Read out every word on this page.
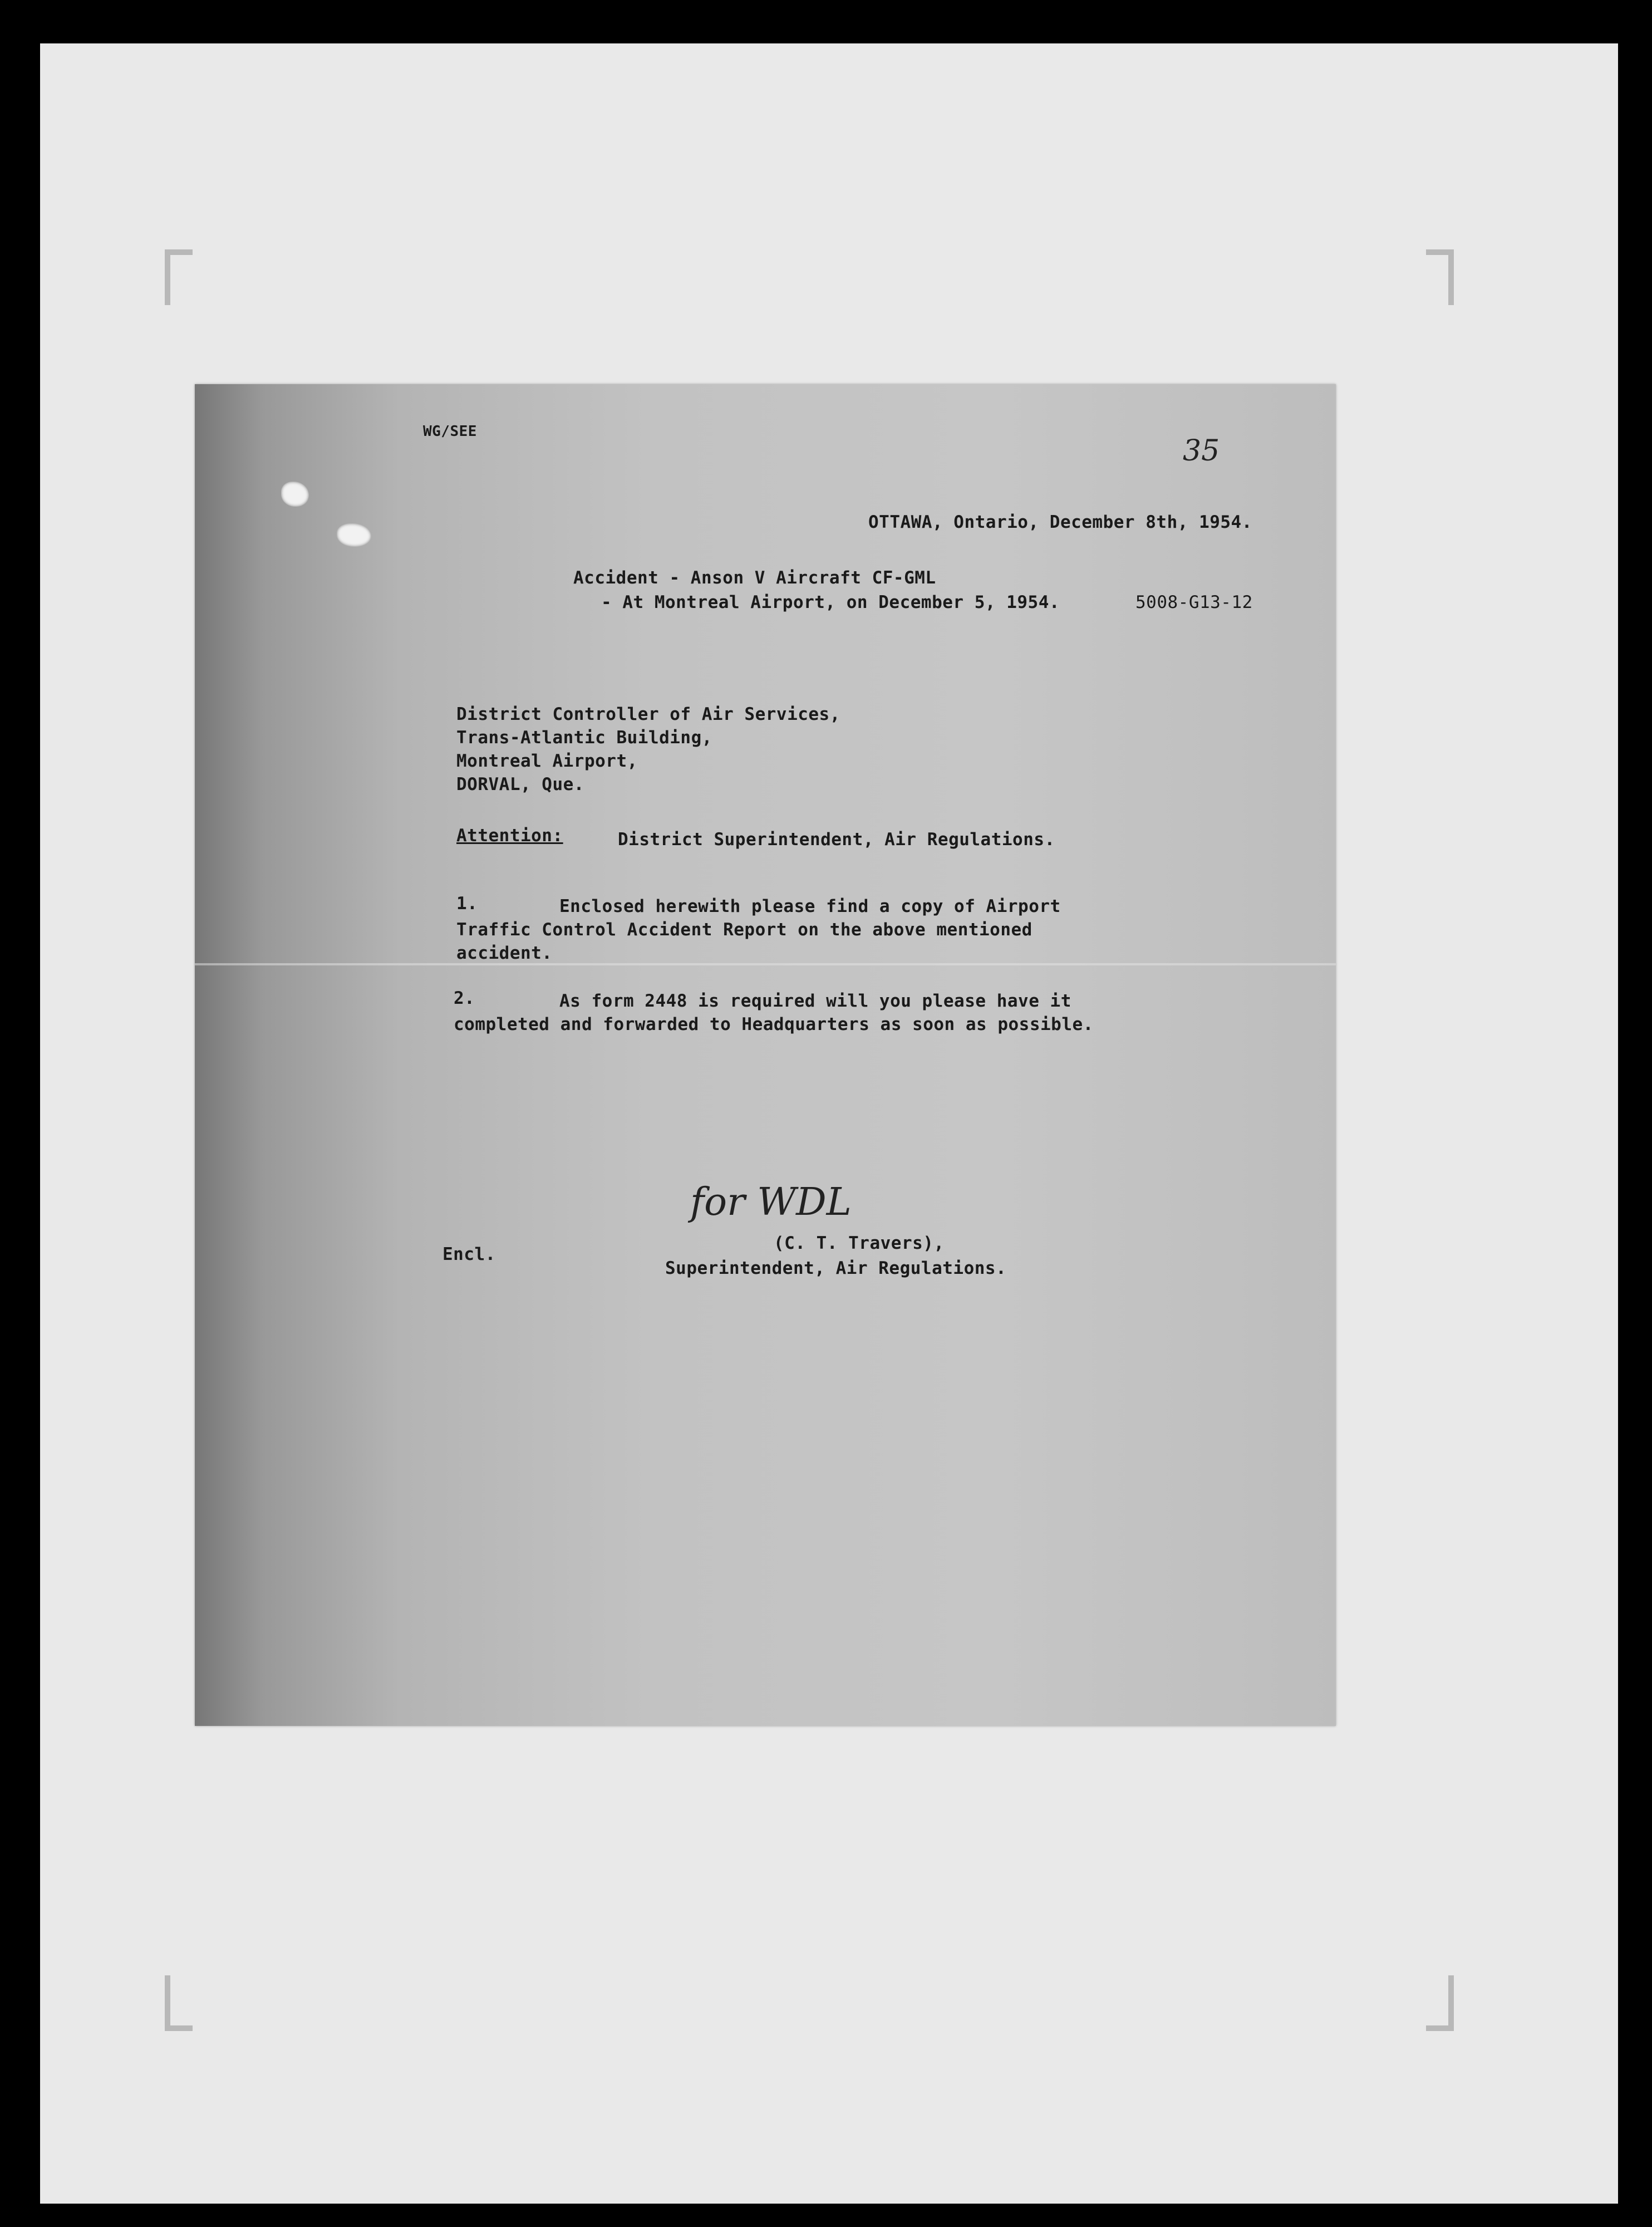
WG/SEE
35
OTTAWA, Ontario, December 8th, 1954.
Accident - Anson V Aircraft CF-GML
- At Montreal Airport, on December 5, 1954.	5008-G13-12
District Controller of Air Services,
Trans-Atlantic Building,
Montreal Airport,
DORVAL, Que.
Attention:	District Superintendent, Air Regulations.
1.	Enclosed herewith please find a copy of Airport
Traffic Control Accident Report on the above mentioned
accident.
2.	As form 2448 is required will you please have it
completed and forwarded to Headquarters as soon as possible.
for WDL
(C. T. Travers),
Superintendent, Air Regulations.
Encl.
